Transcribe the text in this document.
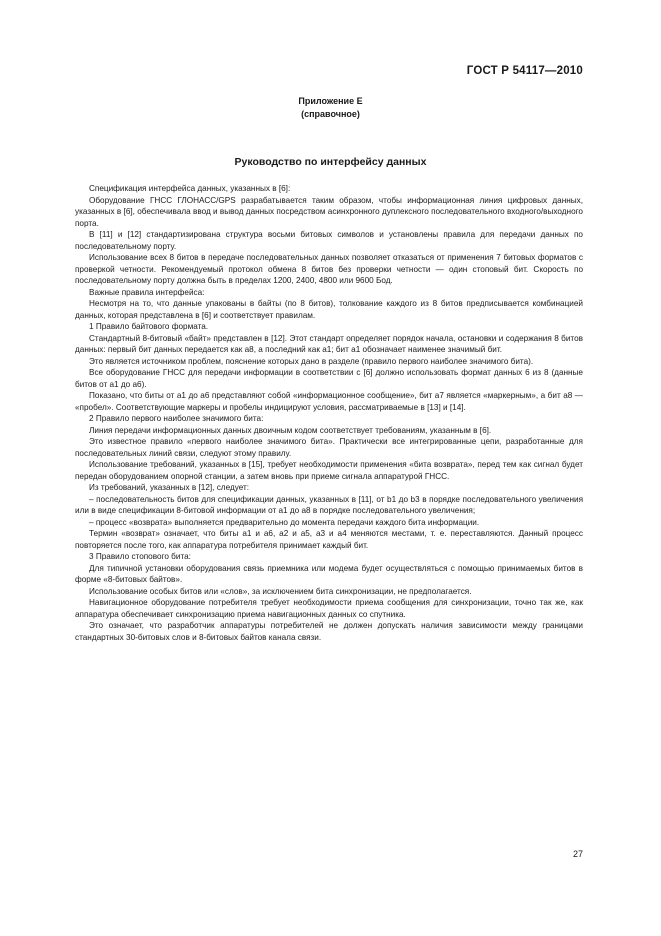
ГОСТ Р 54117—2010
Приложение Е
(справочное)
Руководство по интерфейсу данных

Спецификация интерфейса данных, указанных в [6]:

Оборудование ГНСС ГЛОНАСС/GPS разрабатывается таким образом, чтобы информационная линия цифровых данных, указанных в [6], обеспечивала ввод и вывод данных посредством асинхронного дуплексного последовательного входного/выходного порта.

В [11] и [12] стандартизирована структура восьми битовых символов и установлены правила для передачи данных по последовательному порту.

Использование всех 8 битов в передаче последовательных данных позволяет отказаться от применения 7 битовых форматов с проверкой четности. Рекомендуемый протокол обмена 8 битов без проверки четности — один стоповый бит. Скорость по последовательному порту должна быть в пределах 1200, 2400, 4800 или 9600 Бод.

Важные правила интерфейса:

Несмотря на то, что данные упакованы в байты (по 8 битов), толкование каждого из 8 битов предписывается комбинацией данных, которая представлена в [6] и соответствует правилам.

1 Правило байтового формата.

Стандартный 8-битовый «байт» представлен в [12]. Этот стандарт определяет порядок начала, остановки и содержания 8 битов данных: первый бит данных передается как а8, а последний как а1; бит а1 обозначает наименее значимый бит.

Это является источником проблем, пояснение которых дано в разделе (правило первого наиболее значимого бита).

Все оборудование ГНСС для передачи информации в соответствии с [6] должно использовать формат данных 6 из 8 (данные битов от а1 до а6).

Показано, что биты от а1 до а6 представляют собой «информационное сообщение», бит а7 является «маркерным», а бит а8 — «пробел». Соответствующие маркеры и пробелы индицируют условия, рассматриваемые в [13] и [14].

2 Правило первого наиболее значимого бита:

Линия передачи информационных данных двоичным кодом соответствует требованиям, указанным в [6].

Это известное правило «первого наиболее значимого бита». Практически все интегрированные цепи, разработанные для последовательных линий связи, следуют этому правилу.

Использование требований, указанных в [15], требует необходимости применения «бита возврата», перед тем как сигнал будет передан оборудованием опорной станции, а затем вновь при приеме сигнала аппаратурой ГНСС.

Из требований, указанных в [12], следует:

– последовательность битов для спецификации данных, указанных в [11], от b1 до b3 в порядке последовательного увеличения или в виде спецификации 8-битовой информации от а1 до а8 в порядке последовательного увеличения;

– процесс «возврата» выполняется предварительно до момента передачи каждого бита информации.

Термин «возврат» означает, что биты а1 и а6, а2 и а5, а3 и а4 меняются местами, т. е. переставляются. Данный процесс повторяется после того, как аппаратура потребителя принимает каждый бит.

3 Правило стопового бита:

Для типичной установки оборудования связь приемника или модема будет осуществляться с помощью принимаемых битов в форме «8-битовых байтов».

Использование особых битов или «слов», за исключением бита синхронизации, не предполагается.

Навигационное оборудование потребителя требует необходимости приема сообщения для синхронизации, точно так же, как аппаратура обеспечивает синхронизацию приема навигационных данных со спутника.

Это означает, что разработчик аппаратуры потребителей не должен допускать наличия зависимости между границами стандартных 30-битовых слов и 8-битовых байтов канала связи.

27
